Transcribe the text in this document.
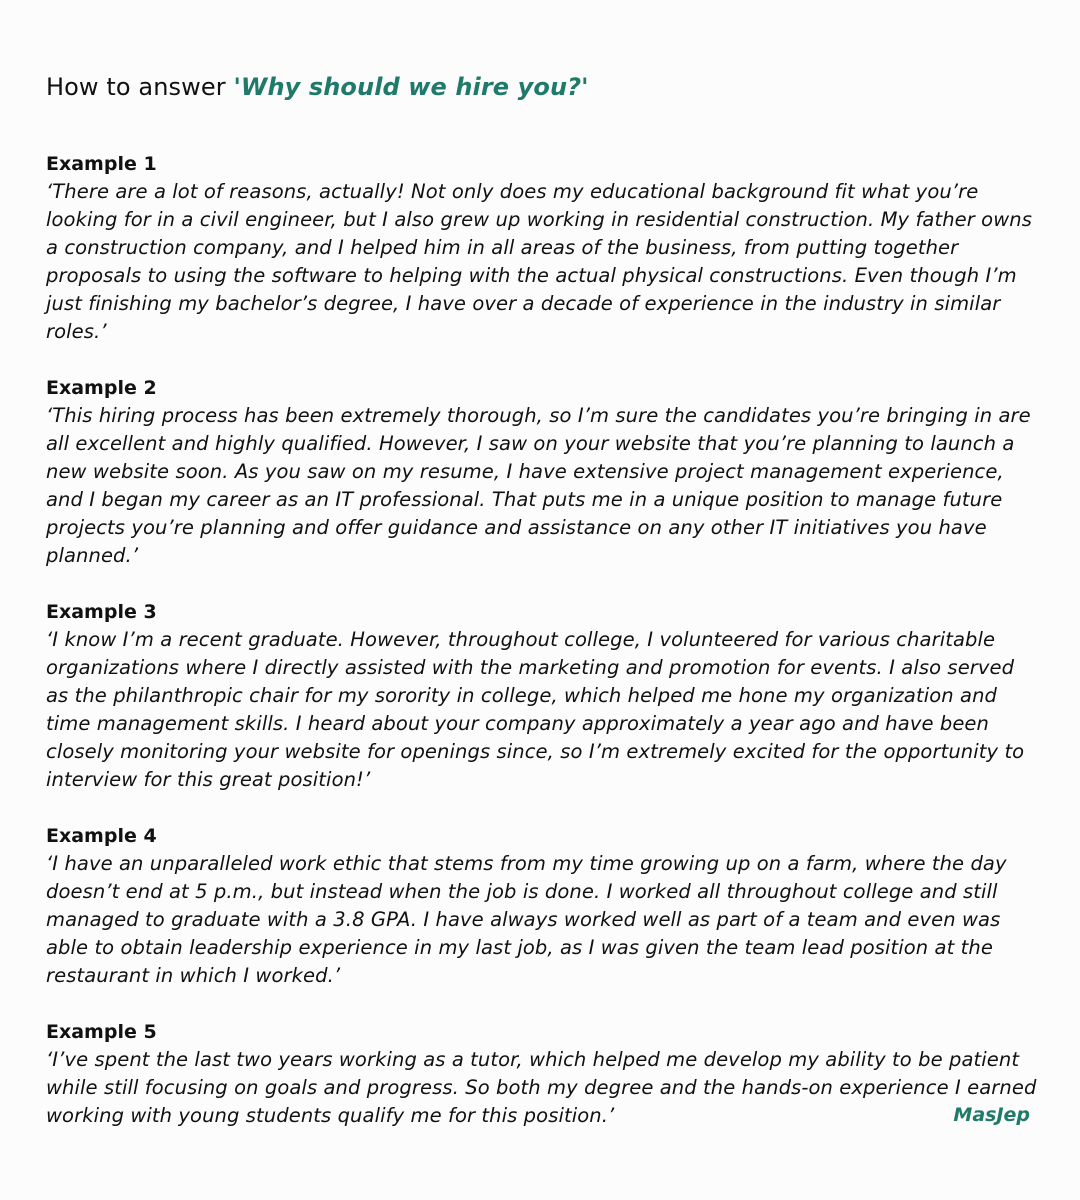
How to answer 'Why should we hire you?'
Example 1

‘There are a lot of reasons, actually! Not only does my educational background fit what you’re looking for in a civil engineer, but I also grew up working in residential construction. My father owns a construction company, and I helped him in all areas of the business, from putting together proposals to using the software to helping with the actual physical constructions. Even though I’m just finishing my bachelor’s degree, I have over a decade of experience in the industry in similar roles.’

Example 2

‘This hiring process has been extremely thorough, so I’m sure the candidates you’re bringing in are all excellent and highly qualified. However, I saw on your website that you’re planning to launch a new website soon. As you saw on my resume, I have extensive project management experience, and I began my career as an IT professional. That puts me in a unique position to manage future projects you’re planning and offer guidance and assistance on any other IT initiatives you have planned.’

Example 3

‘I know I’m a recent graduate. However, throughout college, I volunteered for various charitable organizations where I directly assisted with the marketing and promotion for events. I also served as the philanthropic chair for my sorority in college, which helped me hone my organization and time management skills. I heard about your company approximately a year ago and have been closely monitoring your website for openings since, so I’m extremely excited for the opportunity to interview for this great position!’

Example 4

‘I have an unparalleled work ethic that stems from my time growing up on a farm, where the day doesn’t end at 5 p.m., but instead when the job is done. I worked all throughout college and still managed to graduate with a 3.8 GPA. I have always worked well as part of a team and even was able to obtain leadership experience in my last job, as I was given the team lead position at the restaurant in which I worked.’

Example 5

‘I’ve spent the last two years working as a tutor, which helped me develop my ability to be patient while still focusing on goals and progress. So both my degree and the hands-on experience I earned working with young students qualify me for this position.’	MasJep
